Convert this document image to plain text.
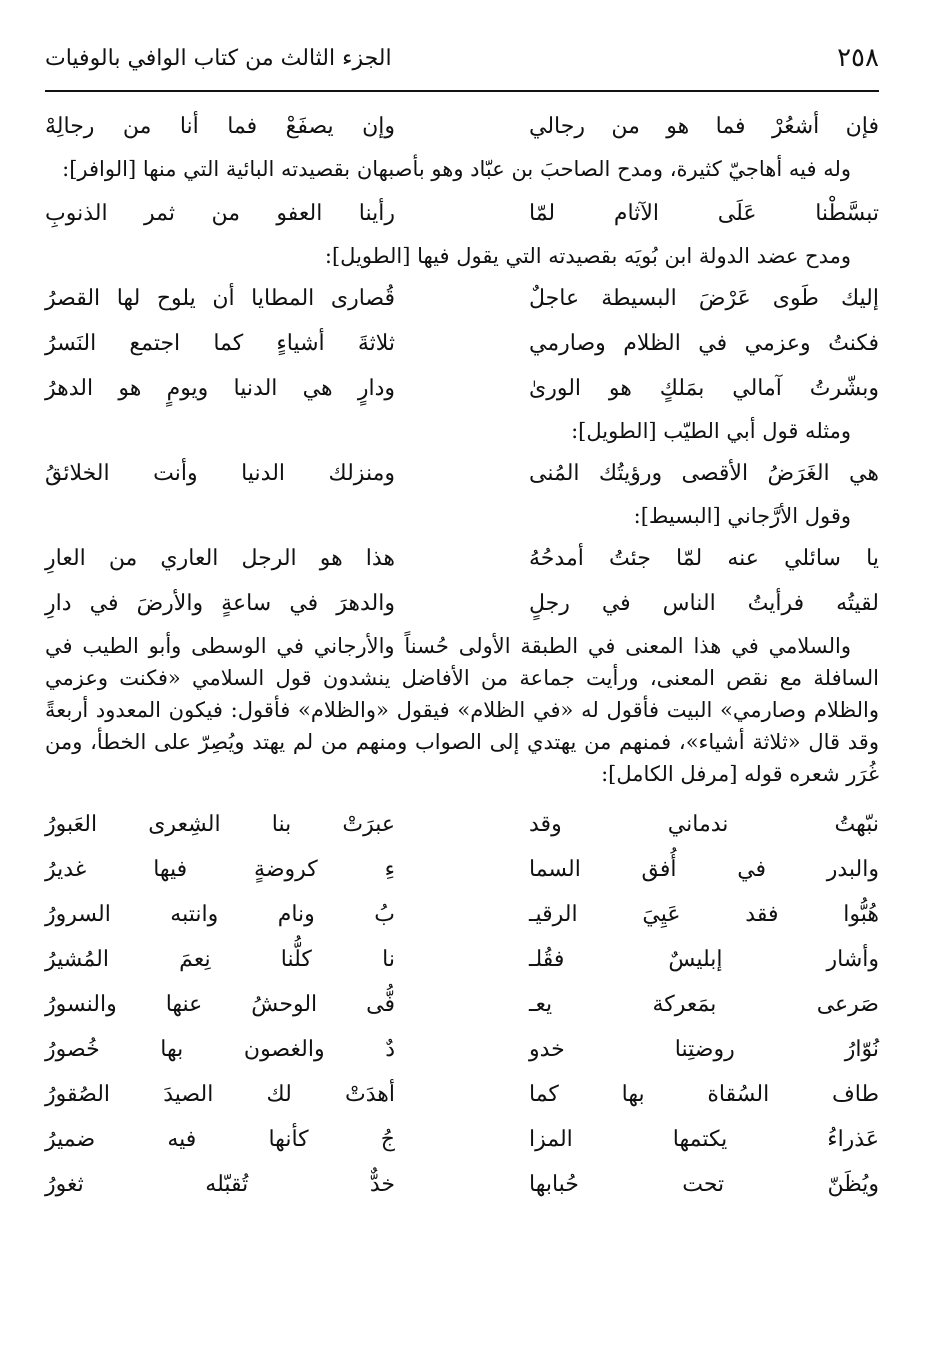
٢٥٨
الجزء الثالث من كتاب الوافي بالوفيات
فإن أشعُرْ فما هو من رجالي
وإن يصفَعْ فما أنا من رجالِهْ

وله فيه أهاجيّ كثيرة، ومدح الصاحبَ بن عبّاد وهو بأصبهان بقصيدته البائية التي منها [الوافر]:

تبسَّطْنا عَلَى الآثام لمّا
رأينا العفو من ثمر الذنوبِ
ومدح عضد الدولة ابن بُويَه بقصيدته التي يقول فيها [الطويل]:
إليك طَوى عَرْضَ البسيطة عاجلٌ
قُصارى المطايا أن يلوح لها القصرُ
فكنتُ وعزمي في الظلام وصارمي
ثلاثةَ أشياءٍ كما اجتمع النَسرُ
وبشّرتُ آمالي بمَلكٍ هو الورىٰ
ودارٍ هي الدنيا ويومٍ هو الدهرُ
ومثله قول أبي الطيّب [الطويل]:
هي الغَرَضُ الأقصى ورؤيتُك المُنى
ومنزلك الدنيا وأنت الخلائقُ
وقول الأرَّجاني [البسيط]:
يا سائلي عنه لمّا جئتُ أمدحُهُ
هذا هو الرجل العاري من العارِ
لقيتُه فرأيتُ الناس في رجلٍ
والدهرَ في ساعةٍ والأرضَ في دارِ

والسلامي في هذا المعنى في الطبقة الأولى حُسناً والأرجاني في الوسطى وأبو الطيب في السافلة مع نقص المعنى، ورأيت جماعة من الأفاضل ينشدون قول السلامي «فكنت وعزمي والظلام وصارمي» البيت فأقول له «في الظلام» فيقول «والظلام» فأقول: فيكون المعدود أربعةً وقد قال «ثلاثة أشياء»، فمنهم من يهتدي إلى الصواب ومنهم من لم يهتد ويُصِرّ على الخطأ، ومن غُرَر شعره قوله [مرفل الكامل]:

نبّهتُ ندماني وقد
عبرَتْ بنا الشِعرى العَبورُ
والبدر في أُفق السما
ءِ كروضةٍ فيها غديرُ
هُبُّوا فقد عَيِيَ الرقيـ
بُ ونام وانتبه السرورُ
وأشار إبليسٌ فقُلـ
نا كلُّنا نِعمَ المُشيرُ
صَرعى بمَعركة يعـ
فُّى الوحشُ عنها والنسورُ
نُوّارُ روضتِنا خدو
دٌ والغصون بها خُصورُ
طاف السُقاة بها كما
أهدَتْ لك الصيدَ الصُقورُ
عَذراءُ يكتمها المزا
جُ كأنها فيه ضميرُ
ويُظَنّ تحت حُبابها
خدٌّ تُقبّله ثغورُ
